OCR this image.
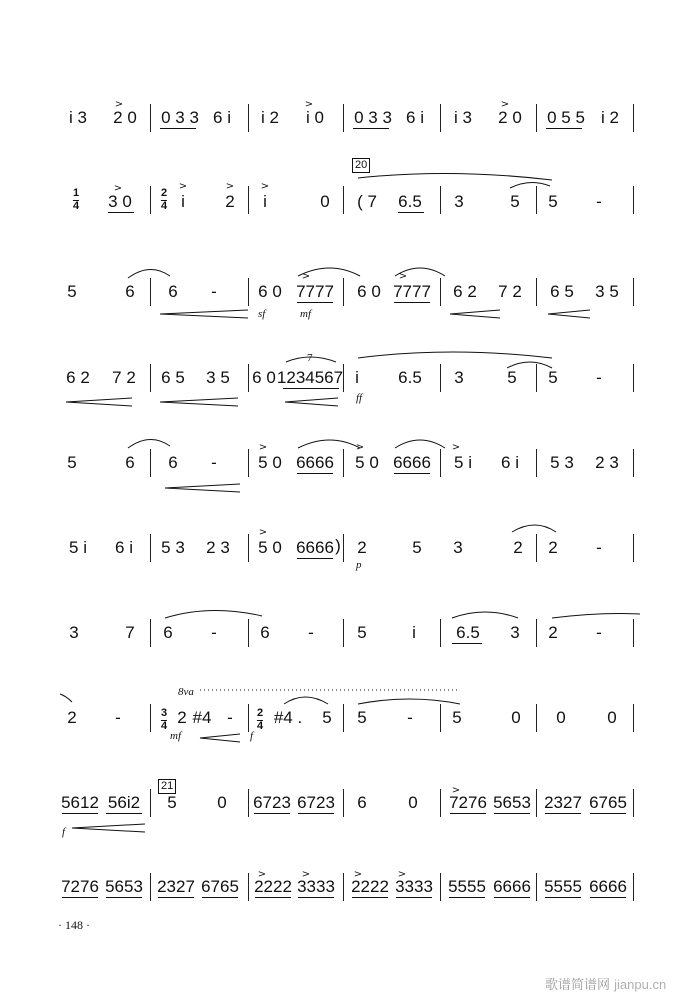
i 3 2 0 0 3 3 6 i i 2 i 0 0 3 3 6 i i 3 2 0 0 5 5 i 2
>	>	>
20
1
4
2
4
3 0	i 2 i	0 ( 7 6.5 3	5 5 -
>	>	>	>
5	6 6 - 6 0 7777 6 0 7777 6 2 7 2 6 5 3 5
sf	mf
>	>
6 2 7 2 6 5 3 5 6 0 1234567 i 6.5 3	5 5 -
7
ff
5	6 6 - 5 0 6666 5 0 6666 5 i 6 i 5 3 2 3
>	>	>
5 i 6 i 5 3 2 3 5 0 6666 ) 2	5 3	2 2 -
p
>
3	7 6 -	6 -	5	i 6.5 3 2 -
8va
3
4
2
4
2 -	2 #4 - #4 . 5 5 - 5	0 0 0
mf	f
21
5612 56i2 5 0 6723 6723 6 0 7276 5653 2327 6765
f
>
7276 5653 2327 6765 2222 3333 2222 3333 5555 6666 5555 6666
>	>	>	>
· 148 ·
歌谱简谱网 jianpu.cn
